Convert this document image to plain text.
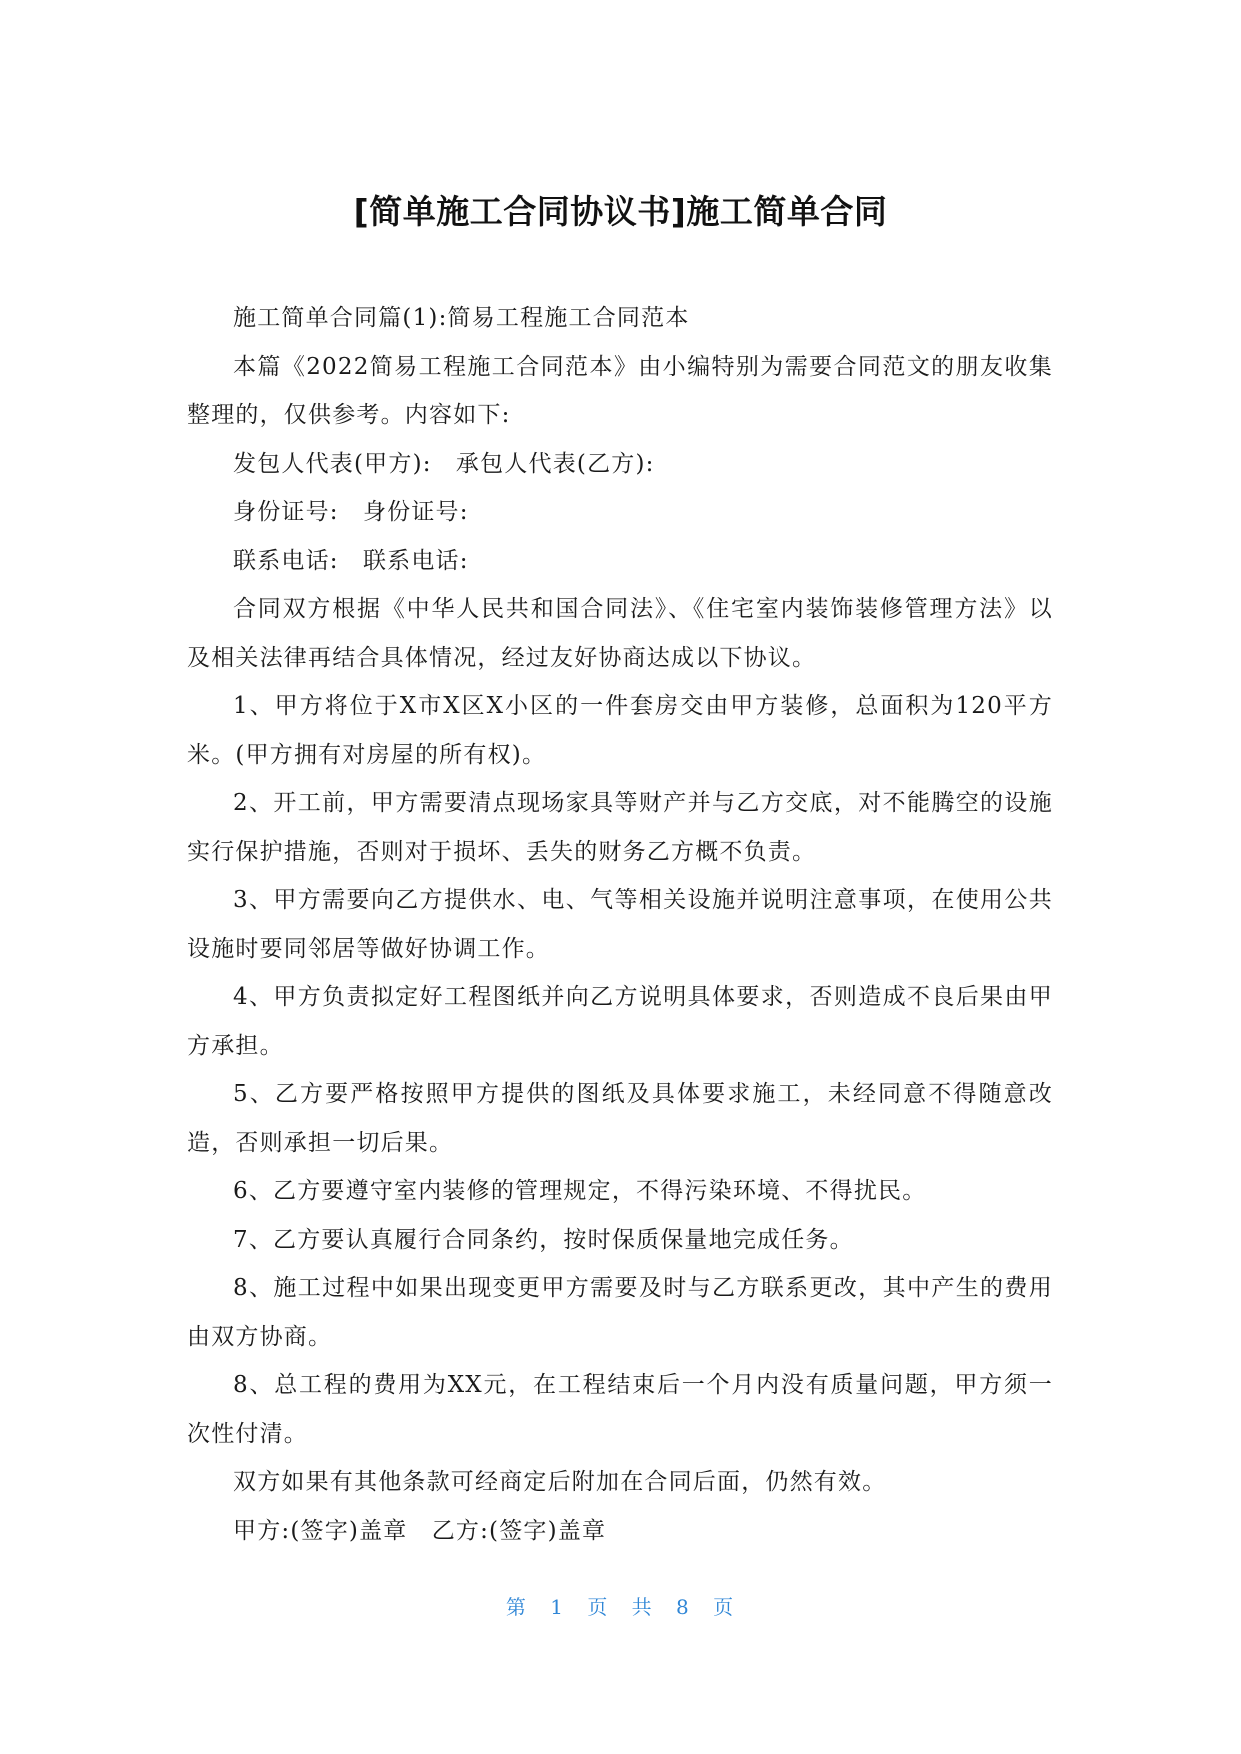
[简单施工合同协议书]施工简单合同

施工简单合同篇(1):简易工程施工合同范本

本篇《2022简易工程施工合同范本》由小编特别为需要合同范文的朋友收集整理的，仅供参考。内容如下:

发包人代表(甲方):　承包人代表(乙方):

身份证号:　身份证号:

联系电话:　联系电话:

合同双方根据《中华人民共和国合同法》、《住宅室内装饰装修管理方法》以及相关法律再结合具体情况，经过友好协商达成以下协议。

1、甲方将位于X市X区X小区的一件套房交由甲方装修，总面积为120平方米。(甲方拥有对房屋的所有权)。

2、开工前，甲方需要清点现场家具等财产并与乙方交底，对不能腾空的设施实行保护措施，否则对于损坏、丢失的财务乙方概不负责。

3、甲方需要向乙方提供水、电、气等相关设施并说明注意事项，在使用公共设施时要同邻居等做好协调工作。

4、甲方负责拟定好工程图纸并向乙方说明具体要求，否则造成不良后果由甲方承担。

5、乙方要严格按照甲方提供的图纸及具体要求施工，未经同意不得随意改造，否则承担一切后果。

6、乙方要遵守室内装修的管理规定，不得污染环境、不得扰民。

7、乙方要认真履行合同条约，按时保质保量地完成任务。

8、施工过程中如果出现变更甲方需要及时与乙方联系更改，其中产生的费用由双方协商。

8、总工程的费用为XX元，在工程结束后一个月内没有质量问题，甲方须一次性付清。

双方如果有其他条款可经商定后附加在合同后面，仍然有效。

甲方:(签字)盖章　乙方:(签字)盖章

第 1 页 共 8 页
